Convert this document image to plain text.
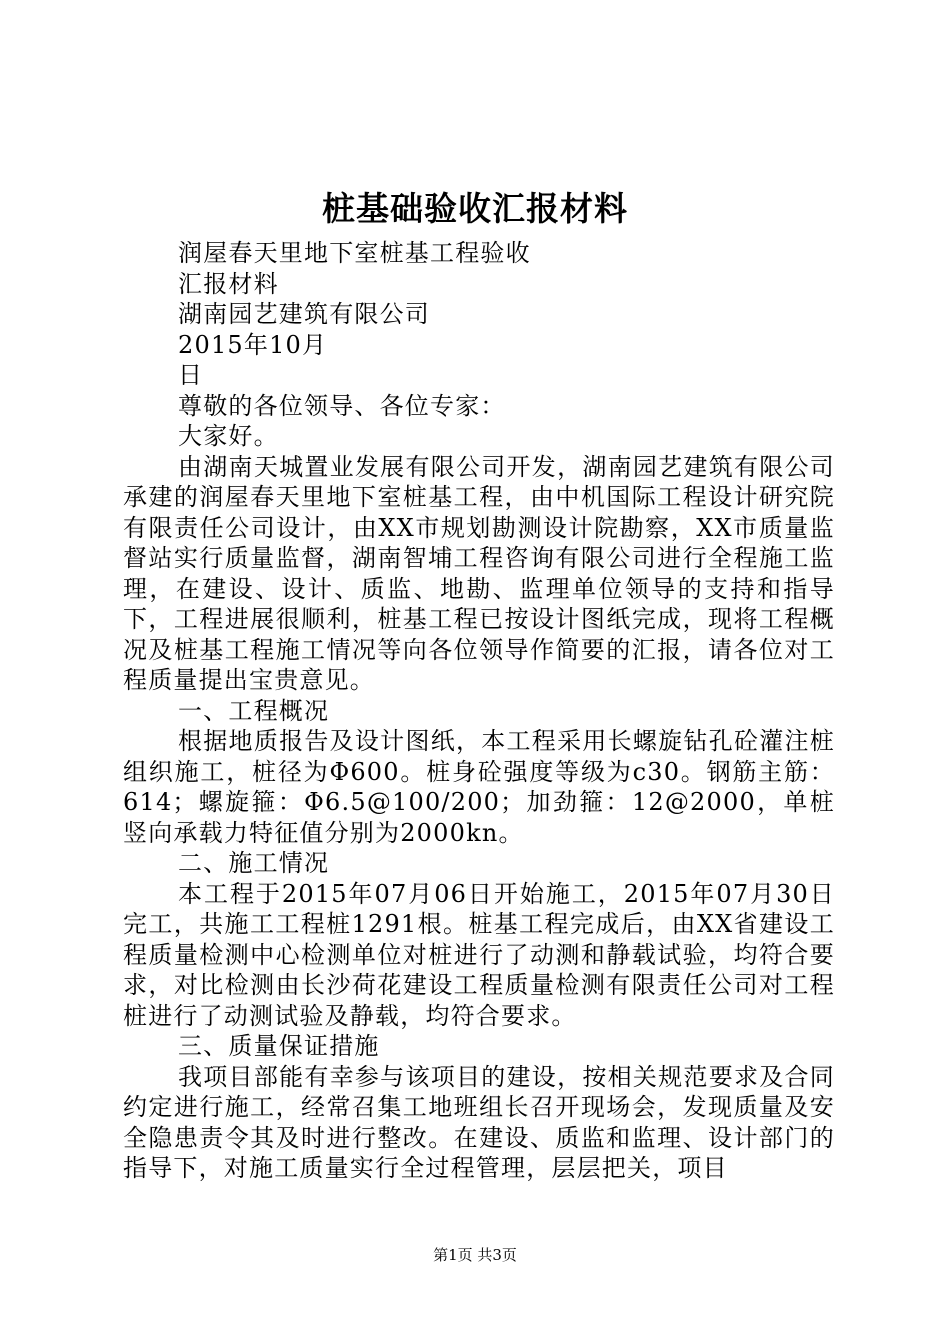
桩基础验收汇报材料

润屋春天里地下室桩基工程验收

汇报材料

湖南园艺建筑有限公司

2015年10月

日

尊敬的各位领导、各位专家：

大家好。

由湖南天城置业发展有限公司开发，湖南园艺建筑有限公司承建的润屋春天里地下室桩基工程，由中机国际工程设计研究院有限责任公司设计，由XX市规划勘测设计院勘察，XX市质量监督站实行质量监督，湖南智埔工程咨询有限公司进行全程施工监理，在建设、设计、质监、地勘、监理单位领导的支持和指导下，工程进展很顺利，桩基工程已按设计图纸完成，现将工程概况及桩基工程施工情况等向各位领导作简要的汇报，请各位对工程质量提出宝贵意见。

一、工程概况

根据地质报告及设计图纸，本工程采用长螺旋钻孔砼灌注桩组织施工，桩径为Φ600。桩身砼强度等级为c30。钢筋主筋：614；螺旋箍：Φ6.5@100/200；加劲箍：12@2000，单桩竖向承载力特征值分别为2000kn。

二、施工情况

本工程于2015年07月06日开始施工，2015年07月30日完工，共施工工程桩1291根。桩基工程完成后，由XX省建设工程质量检测中心检测单位对桩进行了动测和静载试验，均符合要求，对比检测由长沙荷花建设工程质量检测有限责任公司对工程桩进行了动测试验及静载，均符合要求。

三、质量保证措施

我项目部能有幸参与该项目的建设，按相关规范要求及合同约定进行施工，经常召集工地班组长召开现场会，发现质量及安全隐患责令其及时进行整改。在建设、质监和监理、设计部门的指导下，对施工质量实行全过程管理，层层把关，项目

第1页 共3页
